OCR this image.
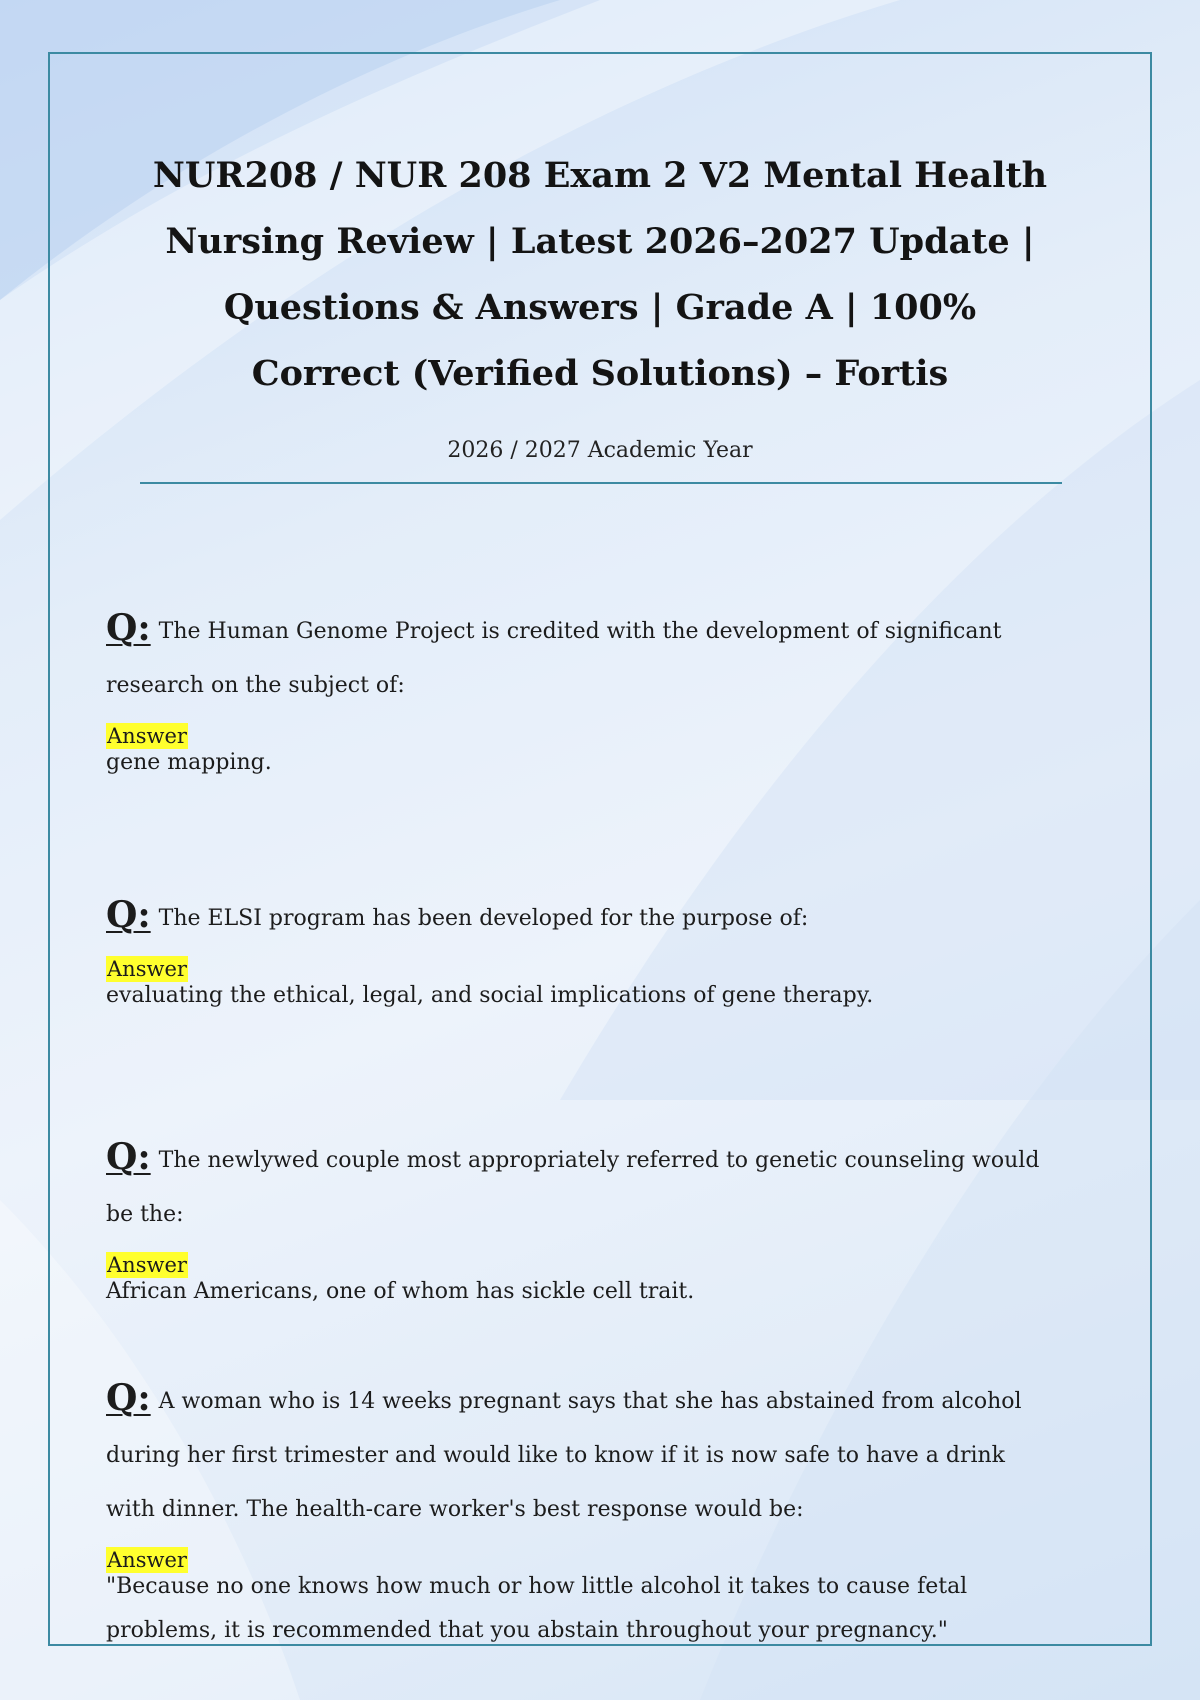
NUR208 / NUR 208 Exam 2 V2 Mental Health Nursing Review | Latest 2026–2027 Update | Questions & Answers | Grade A | 100% Correct (Verified Solutions) – Fortis
2026 / 2027 Academic Year
Q: The Human Genome Project is credited with the development of significant research on the subject of:
Answer
gene mapping.
Q: The ELSI program has been developed for the purpose of:
Answer
evaluating the ethical, legal, and social implications of gene therapy.
Q: The newlywed couple most appropriately referred to genetic counseling would be the:
Answer
African Americans, one of whom has sickle cell trait.
Q: A woman who is 14 weeks pregnant says that she has abstained from alcohol during her first trimester and would like to know if it is now safe to have a drink with dinner. The health-care worker's best response would be:
Answer
"Because no one knows how much or how little alcohol it takes to cause fetal problems, it is recommended that you abstain throughout your pregnancy."
